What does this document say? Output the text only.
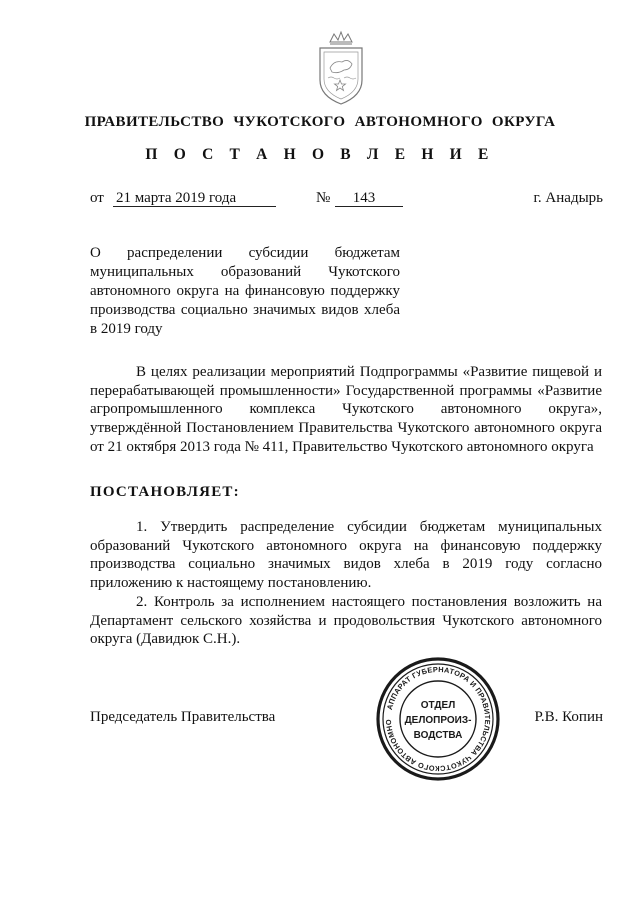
ПРАВИТЕЛЬСТВО ЧУКОТСКОГО АВТОНОМНОГО ОКРУГА
П О С Т А Н О В Л Е Н И Е
от 21 марта 2019 года	№	143	г. Анадырь
О распределении субсидии бюджетам муниципальных образований Чукотского автономного округа на финансовую поддержку производства социально значимых видов хлеба в 2019 году
В целях реализации мероприятий Подпрограммы «Развитие пищевой и перерабатывающей промышленности» Государственной программы «Развитие агропромышленного комплекса Чукотского автономного округа», утверждённой Постановлением Правительства Чукотского автономного округа от 21 октября 2013 года № 411, Правительство Чукотского автономного округа
ПОСТАНОВЛЯЕТ:

1. Утвердить распределение субсидии бюджетам муниципальных образований Чукотского автономного округа на финансовую поддержку производства социально значимых видов хлеба в 2019 году согласно приложению к настоящему постановлению.

2. Контроль за исполнением настоящего постановления возложить на Департамент сельского хозяйства и продовольствия Чукотского автономного округа (Давидюк С.Н.).

Председатель Правительства	Р.В. Копин
АППАРАТ ГУБЕРНАТОРА И ПРАВИТЕЛЬСТВА ЧУКОТСКОГО АВТОНОМНО
ОТДЕЛ
ДЕЛОПРОИЗ-
ВОДСТВА
